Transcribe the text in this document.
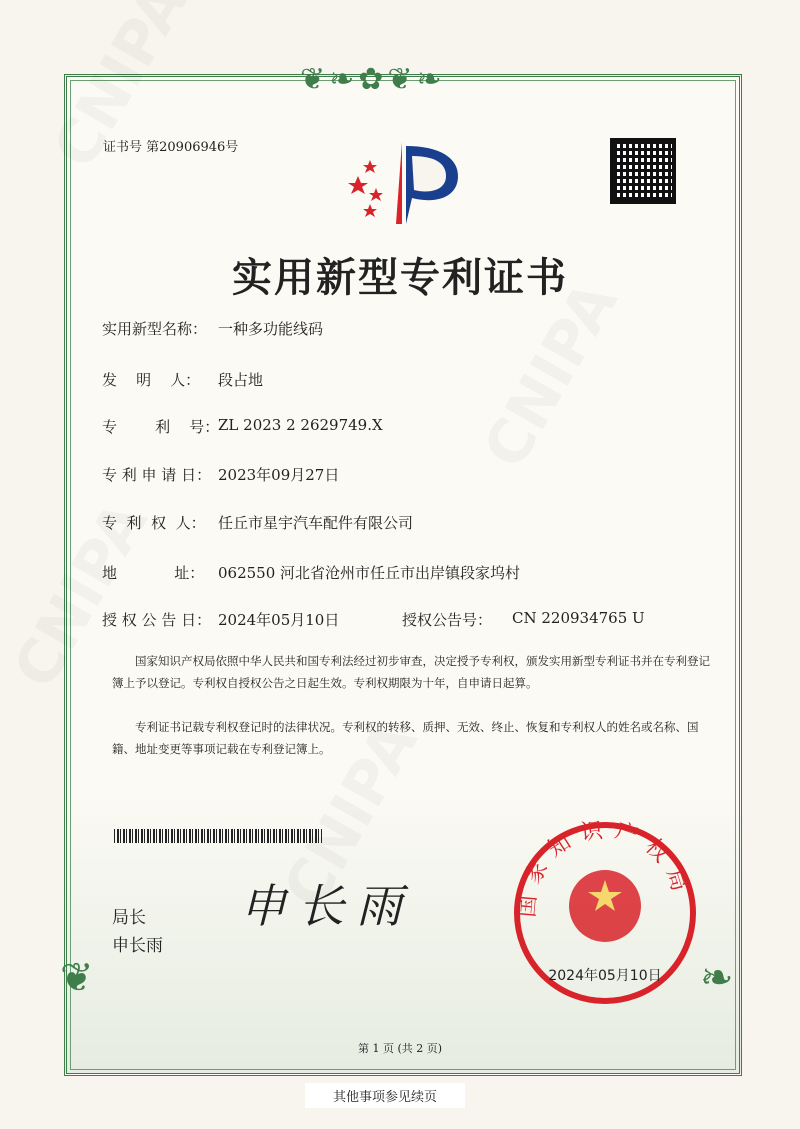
❦❧✿❦❧
❦	❧
证书号 第20906946号
实用新型专利证书
实用新型名称： 一种多功能线码
发    明    人：	段占地
专        利    号：
ZL 2023 2 2629749.X
专 利 申 请 日： 2023年09月27日
专  利  权  人： 任丘市星宇汽车配件有限公司
地            址： 062550 河北省沧州市任丘市出岸镇段家坞村
授 权 公 告 日： 2024年05月10日	授权公告号：	CN 220934765 U
国家知识产权局依照中华人民共和国专利法经过初步审查，决定授予专利权，颁发实用新型专利证书并在专利登记簿上予以登记。专利权自授权公告之日起生效。专利权期限为十年，自申请日起算。
专利证书记载专利权登记时的法律状况。专利权的转移、质押、无效、终止、恢复和专利权人的姓名或名称、国籍、地址变更等事项记载在专利登记簿上。
局长
申长雨
申长雨	国家知识产权局
2024年05月10日
第 1 页 (共 2 页)
其他事项参见续页
